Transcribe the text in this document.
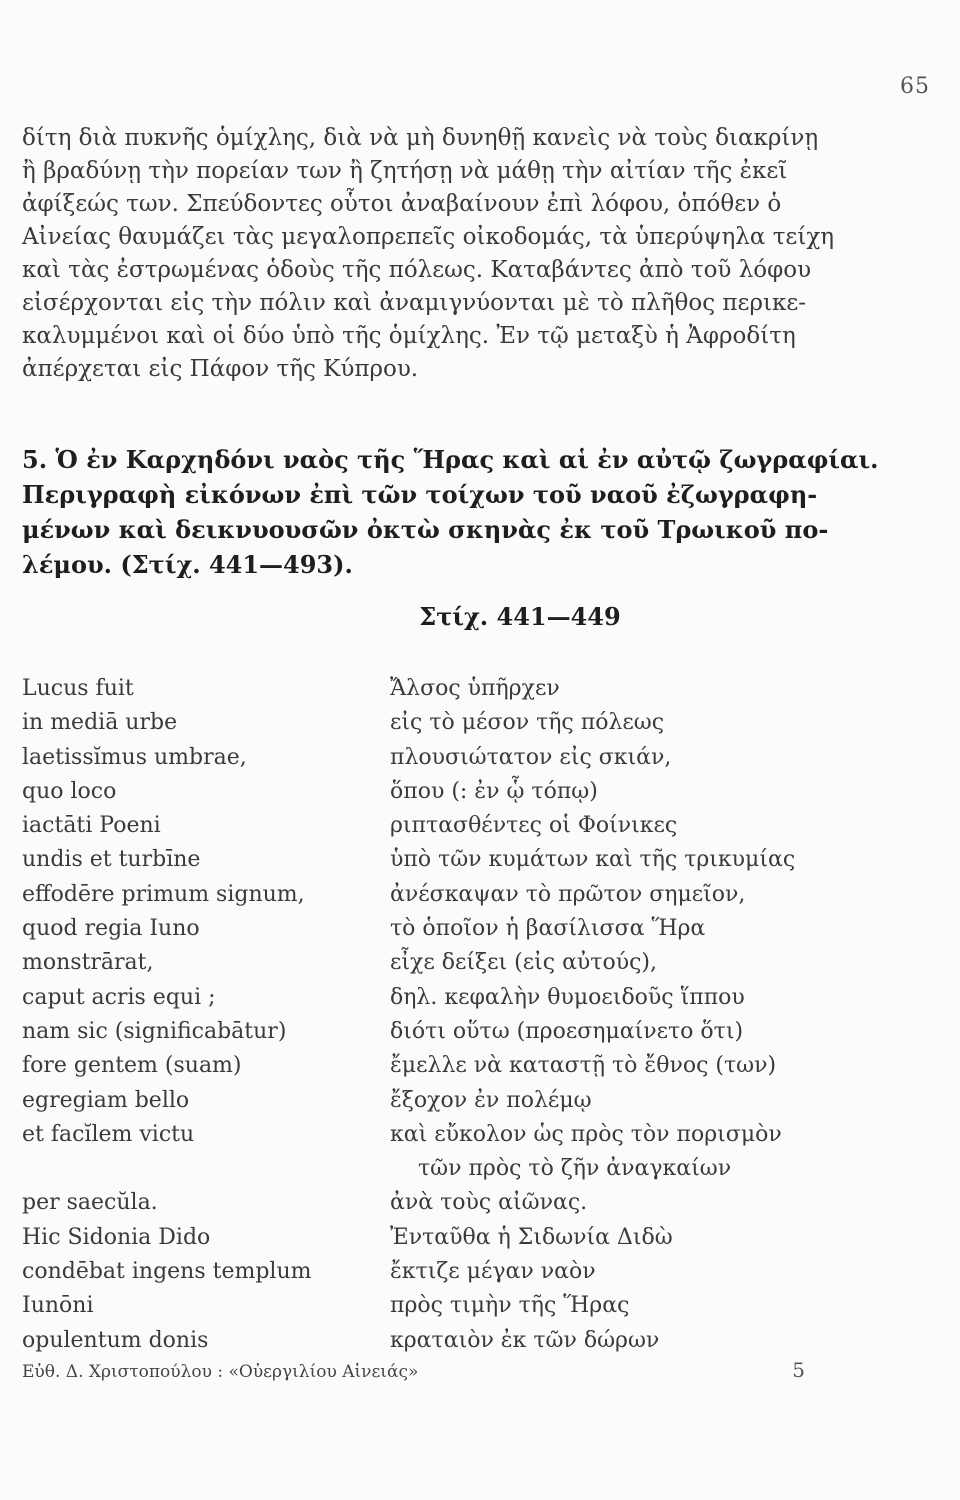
65
δίτη διὰ πυκνῆς ὁμίχλης, διὰ νὰ μὴ δυνηθῇ κανεὶς νὰ τοὺς διακρίνῃ
ἢ βραδύνῃ τὴν πορείαν των ἢ ζητήσῃ νὰ μάθῃ τὴν αἰτίαν τῆς ἐκεῖ
ἀφίξεώς των. Σπεύδοντες οὗτοι ἀναβαίνουν ἐπὶ λόφου, ὁπόθεν ὁ
Αἰνείας θαυμάζει τὰς μεγαλοπρεπεῖς οἰκοδομάς, τὰ ὑπερύψηλα τείχη
καὶ τὰς ἐστρωμένας ὁδοὺς τῆς πόλεως. Καταβάντες ἀπὸ τοῦ λόφου
εἰσέρχονται εἰς τὴν πόλιν καὶ ἀναμιγνύονται μὲ τὸ πλῆθος περικε-
καλυμμένοι καὶ οἱ δύο ὑπὸ τῆς ὁμίχλης. Ἐν τῷ μεταξὺ ἡ Ἀφροδίτη
ἀπέρχεται εἰς Πάφον τῆς Κύπρου.
5. Ὁ ἐν Καρχηδόνι ναὸς τῆς Ἥρας καὶ αἱ ἐν αὐτῷ ζωγραφίαι.
Περιγραφὴ εἰκόνων ἐπὶ τῶν τοίχων τοῦ ναοῦ ἐζωγραφη-
μένων καὶ δεικνυουσῶν ὀκτὼ σκηνὰς ἐκ τοῦ Τρωικοῦ πο-
λέμου. (Στίχ. 441—493).
Στίχ. 441—449
Lucus fuit
in mediā urbe
laetissĭmus umbrae,
quo loco
iactāti Poeni
undis et turbīne
effodēre primum signum,
quod regia Iuno
monstrārat,
caput acris equi ;
nam sic (significabātur)
fore gentem (suam)
egregiam bello
et facĭlem victu
per saecŭla.
Hic Sidonia Dido
condēbat ingens templum
Iunōni
opulentum donis
Ἄλσος ὑπῆρχεν
εἰς τὸ μέσον τῆς πόλεως
πλουσιώτατον εἰς σκιάν,
ὅπου (: ἐν ᾧ τόπῳ)
ριπτασθέντες οἱ Φοίνικες
ὑπὸ τῶν κυμάτων καὶ τῆς τρικυμίας
ἀνέσκαψαν τὸ πρῶτον σημεῖον,
τὸ ὁποῖον ἡ βασίλισσα Ἥρα
εἶχε δείξει (εἰς αὐτούς),
δηλ. κεφαλὴν θυμοειδοῦς ἵππου
διότι οὕτω (προεσημαίνετο ὅτι)
ἔμελλε νὰ καταστῇ τὸ ἔθνος (των)
ἔξοχον ἐν πολέμῳ
καὶ εὔκολον ὡς πρὸς τὸν πορισμὸν
τῶν πρὸς τὸ ζῆν ἀναγκαίων
ἀνὰ τοὺς αἰῶνας.
Ἐνταῦθα ἡ Σιδωνία Διδὼ
ἔκτιζε μέγαν ναὸν
πρὸς τιμὴν τῆς Ἥρας
κραταιὸν ἐκ τῶν δώρων
Εὐθ. Δ. Χριστοπούλου : «Οὐεργιλίου Αἰνειάς»	5
